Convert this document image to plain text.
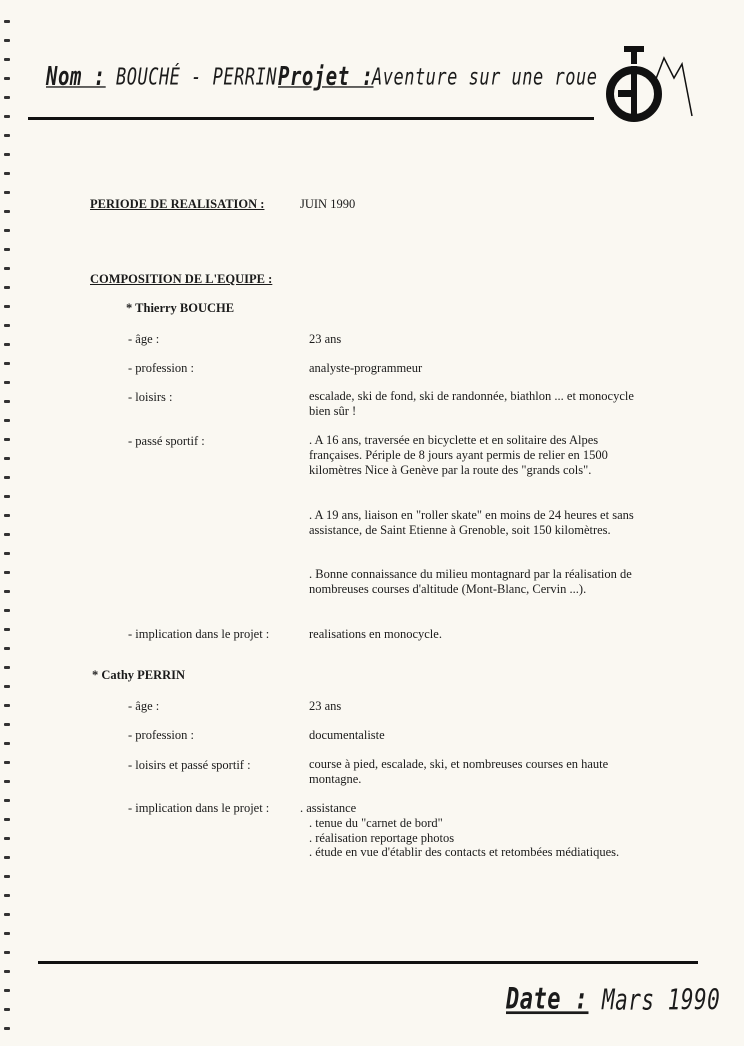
Nom : BOUCHÉ - PERRIN Projet :
Aventure sur une roue
PERIODE DE REALISATION :	JUIN 1990
COMPOSITION DE L'EQUIPE :
* Thierry BOUCHE
- âge :	23 ans
- profession :	analyste-programmeur
- loisirs :	escalade, ski de fond, ski de randonnée, biathlon ... et monocycle bien sûr !
- passé sportif :	. A 16 ans, traversée en bicyclette et en solitaire des Alpes françaises. Périple de 8 jours ayant permis de relier en 1500 kilomètres Nice à Genève par la route des "grands cols".
. A 19 ans, liaison en "roller skate" en moins de 24 heures et sans assistance, de Saint Etienne à Grenoble, soit 150 kilomètres.
. Bonne connaissance du milieu montagnard par la réalisation de nombreuses courses d'altitude (Mont-Blanc, Cervin ...).
- implication dans le projet :	realisations en monocycle.
* Cathy PERRIN
- âge :	23 ans
- profession :	documentaliste
- loisirs et passé sportif :	course à pied, escalade, ski, et nombreuses courses en haute montagne.
- implication dans le projet : . assistance
. tenue du "carnet de bord"
. réalisation reportage photos
. étude en vue d'établir des contacts et retombées médiatiques.
Date : Mars 1990
